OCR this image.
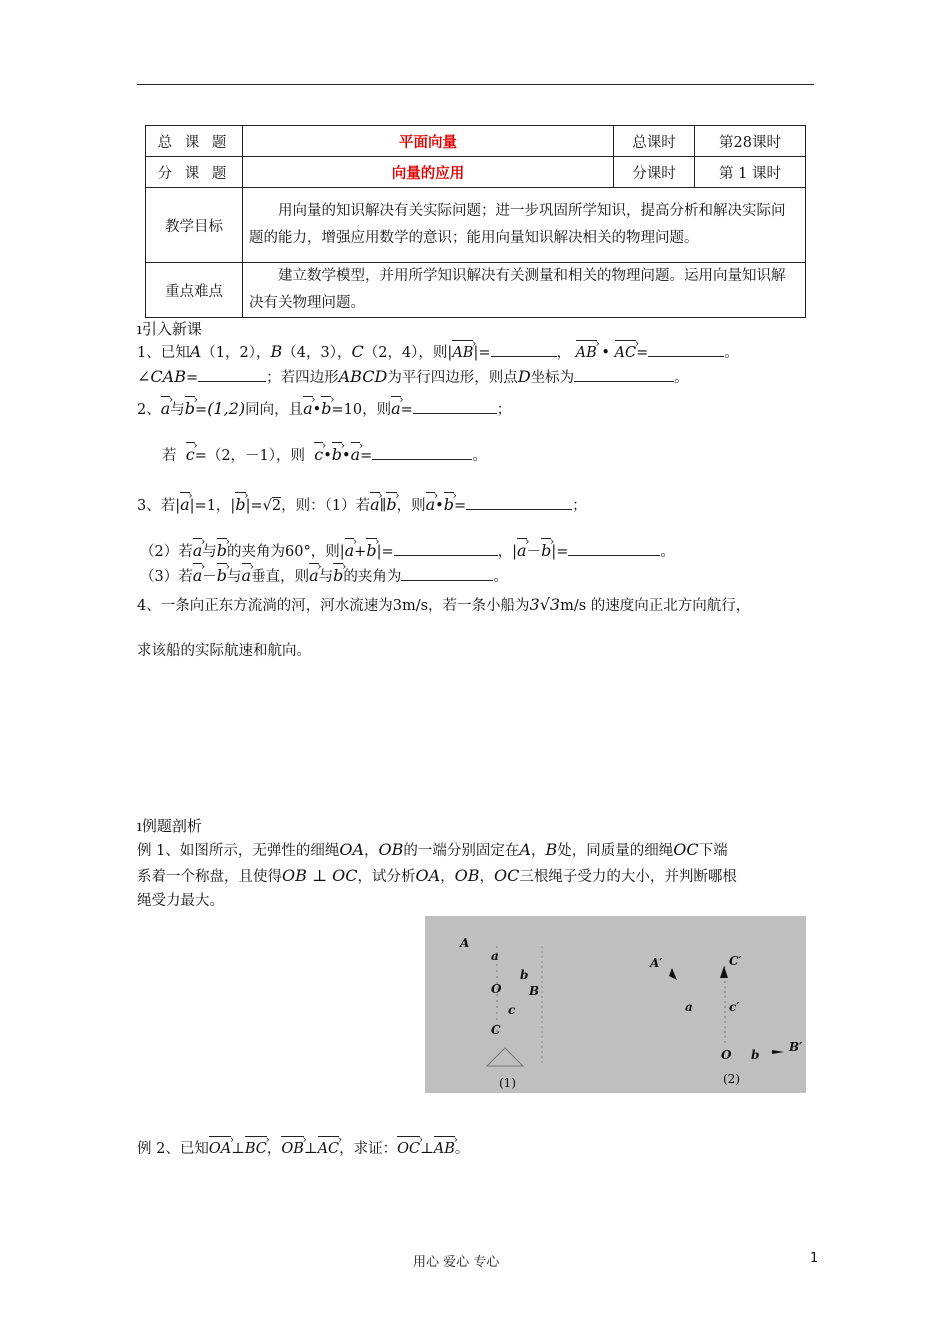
总 课 题	平面向量	总课时	第28课时
分 课 题	向量的应用	分课时	第 1 课时
教学目标	用向量的知识解决有关实际问题；进一步巩固所学知识，提高分析和解决实际问题的能力，增强应用数学的意识；能用向量知识解决相关的物理问题。		
重点难点	建立数学模型，并用所学知识解决有关测量和相关的物理问题。运用向量知识解决有关物理问题。		
ı引入新课
1、已知A（1，2），B（4，3），C（2，4），则|AB ›|=	， AB › • AC ›=	。
∠CAB=	；若四边形ABCD为平行四边形，则点D坐标为	。
2、a ›与b ›=(1,2)同向，且a ›•b ›=10，则a ›=	；
若 c ›=（2，－1），则 c ›•b ›•a ›=	。
3、若|a ›|=1，|b ›|=√2，则：（1）若a ›∥b ›，则a ›•b ›=	；
（2）若a ›与b ›的夹角为60°，则|a ›+b ›|=	，|a ›－b ›|=	。
（3）若a ›－b ›与a ›垂直，则a ›与b ›的夹角为	。
4、一条向正东方流淌的河，河水流速为3m/s，若一条小船为3√3m/s 的速度向正北方向航行，
求该船的实际航速和航向。
ı例题剖析
例 1、如图所示，无弹性的细绳OA，OB的一端分别固定在A，B处，同质量的细绳OC下端
系着一个称盘，且使得OB ⊥ OC，试分析OA，OB，OC三根绳子受力的大小，并判断哪根
绳受力最大。
A
a
b
O B
c
C
(1)
A′	C′
a	c′
O b
B′
(2)
例 2、已知OA ›⊥BC ›，OB ›⊥AC ›，求证：OC ›⊥AB ›。
用心 爱心 专心	1
